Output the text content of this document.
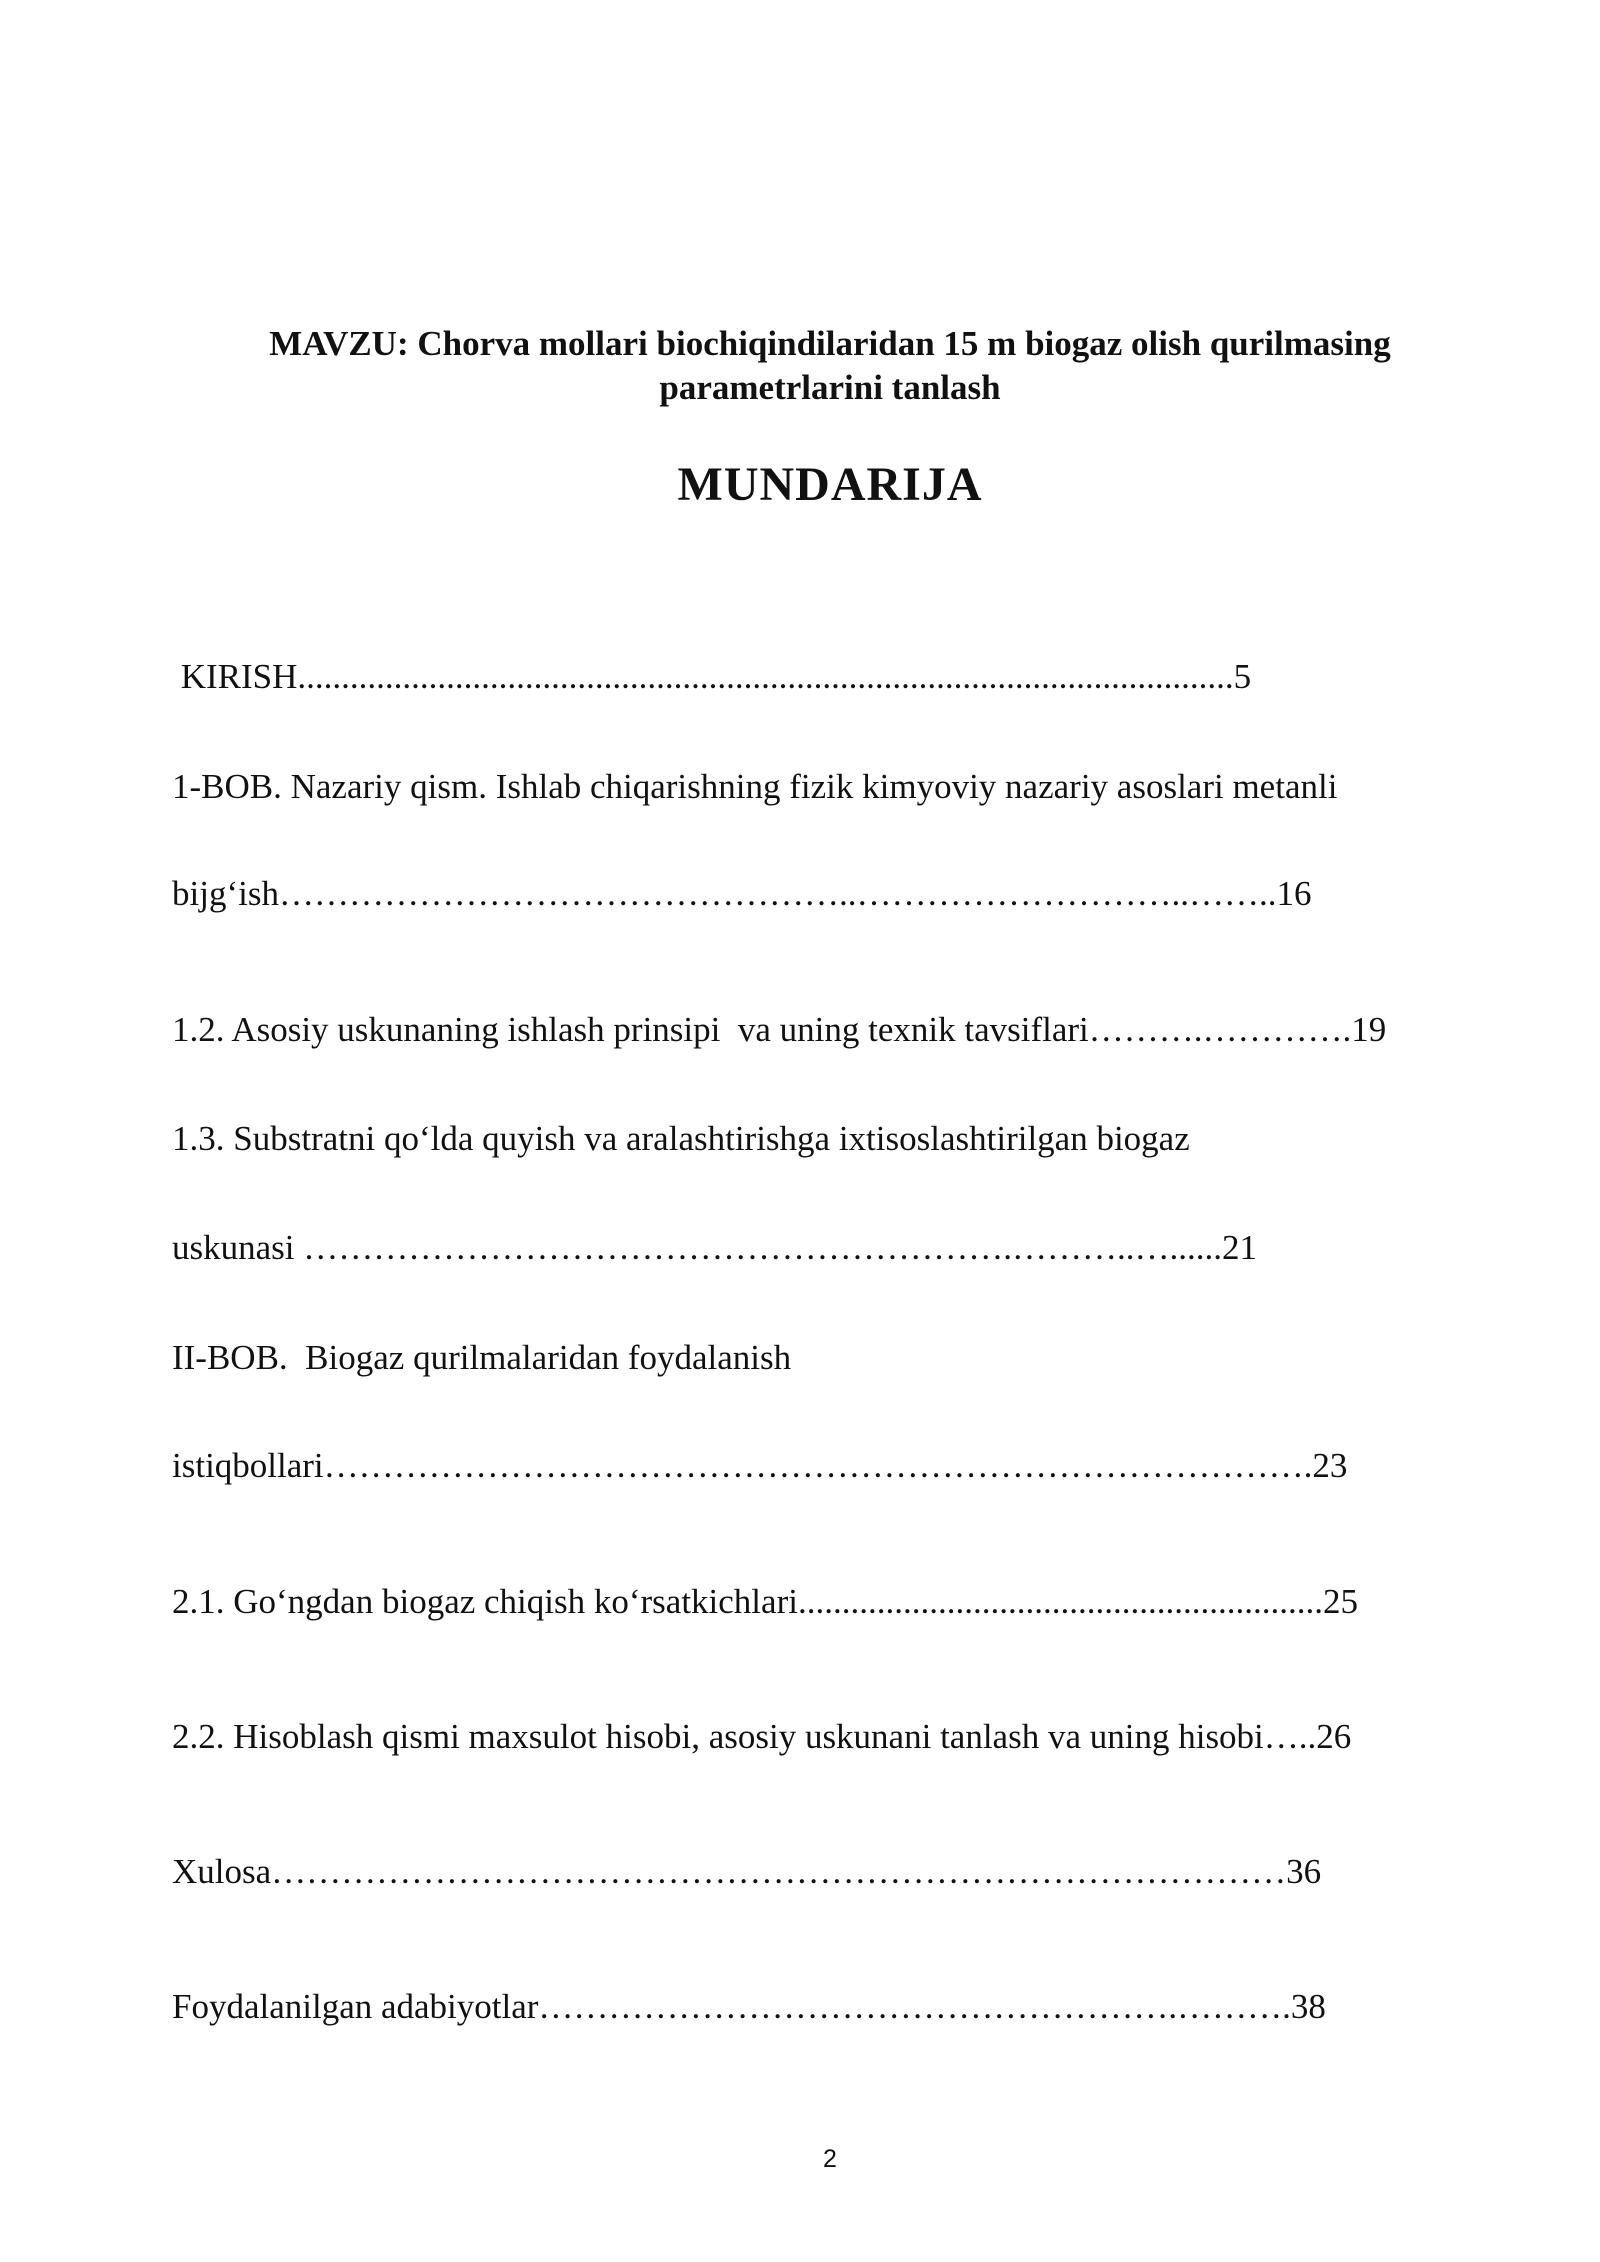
MAVZU: Chorva mollari biochiqindilaridan 15 m biogaz olish qurilmasing parametrlarini tanlash
MUNDARIJA
KIRISH...........................................................................................................5
1-BOB. Nazariy qism. Ishlab chiqarishning fizik kimyoviy nazariy asoslari metanli
bijg‘ish…………………………………………..………………………..……..16
1.2. Asosiy uskunaning ishlash prinsipi  va uning texnik tavsiflari……….………….19
1.3. Substratni qo‘lda quyish va aralashtirishga ixtisoslashtirilgan biogaz
uskunasi …………………………………………………….………..…......21
II-BOB.  Biogaz qurilmalaridan foydalanish
istiqbollari………………………………………………………………………….23
2.1. Go‘ngdan biogaz chiqish ko‘rsatkichlari............................................................25
2.2. Hisoblash qismi maxsulot hisobi, asosiy uskunani tanlash va uning hisobi…..26
Xulosa……………………………………………………………………………36
Foydalanilgan adabiyotlar……………………………………………….……….38
2
